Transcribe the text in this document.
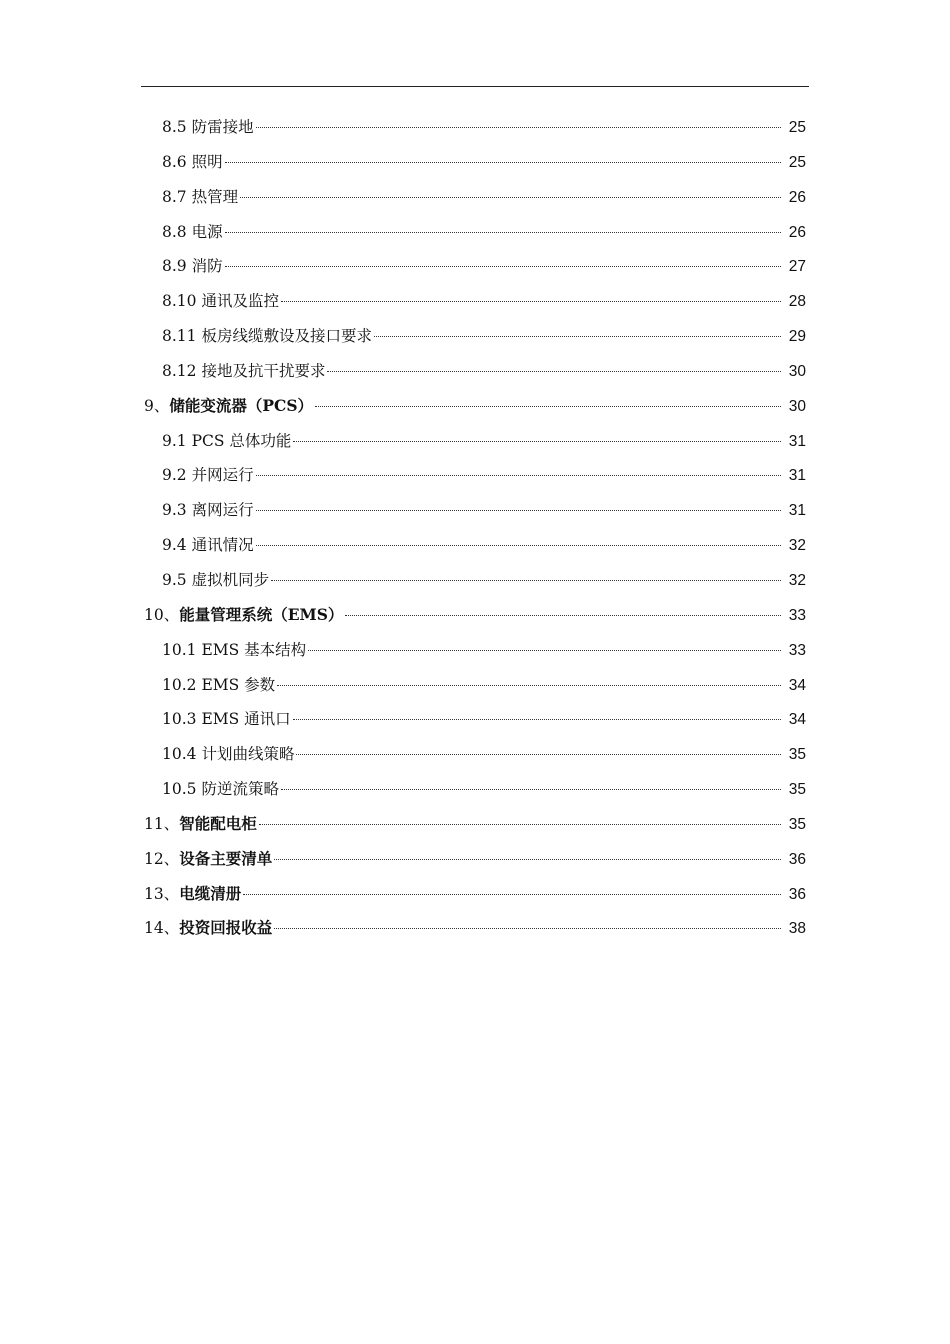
8.5 防雷接地	25
8.6 照明	25
8.7 热管理	26
8.8 电源	26
8.9 消防	27
8.10 通讯及监控	28
8.11 板房线缆敷设及接口要求	29
8.12 接地及抗干扰要求	30
9、储能变流器（PCS）	30
9.1 PCS 总体功能	31
9.2 并网运行	31
9.3 离网运行	31
9.4 通讯情况	32
9.5 虚拟机同步	32
10、能量管理系统（EMS）	33
10.1 EMS 基本结构	33
10.2 EMS 参数	34
10.3 EMS 通讯口	34
10.4 计划曲线策略	35
10.5 防逆流策略	35
11、智能配电柜	35
12、设备主要清单	36
13、电缆清册	36
14、投资回报收益	38
